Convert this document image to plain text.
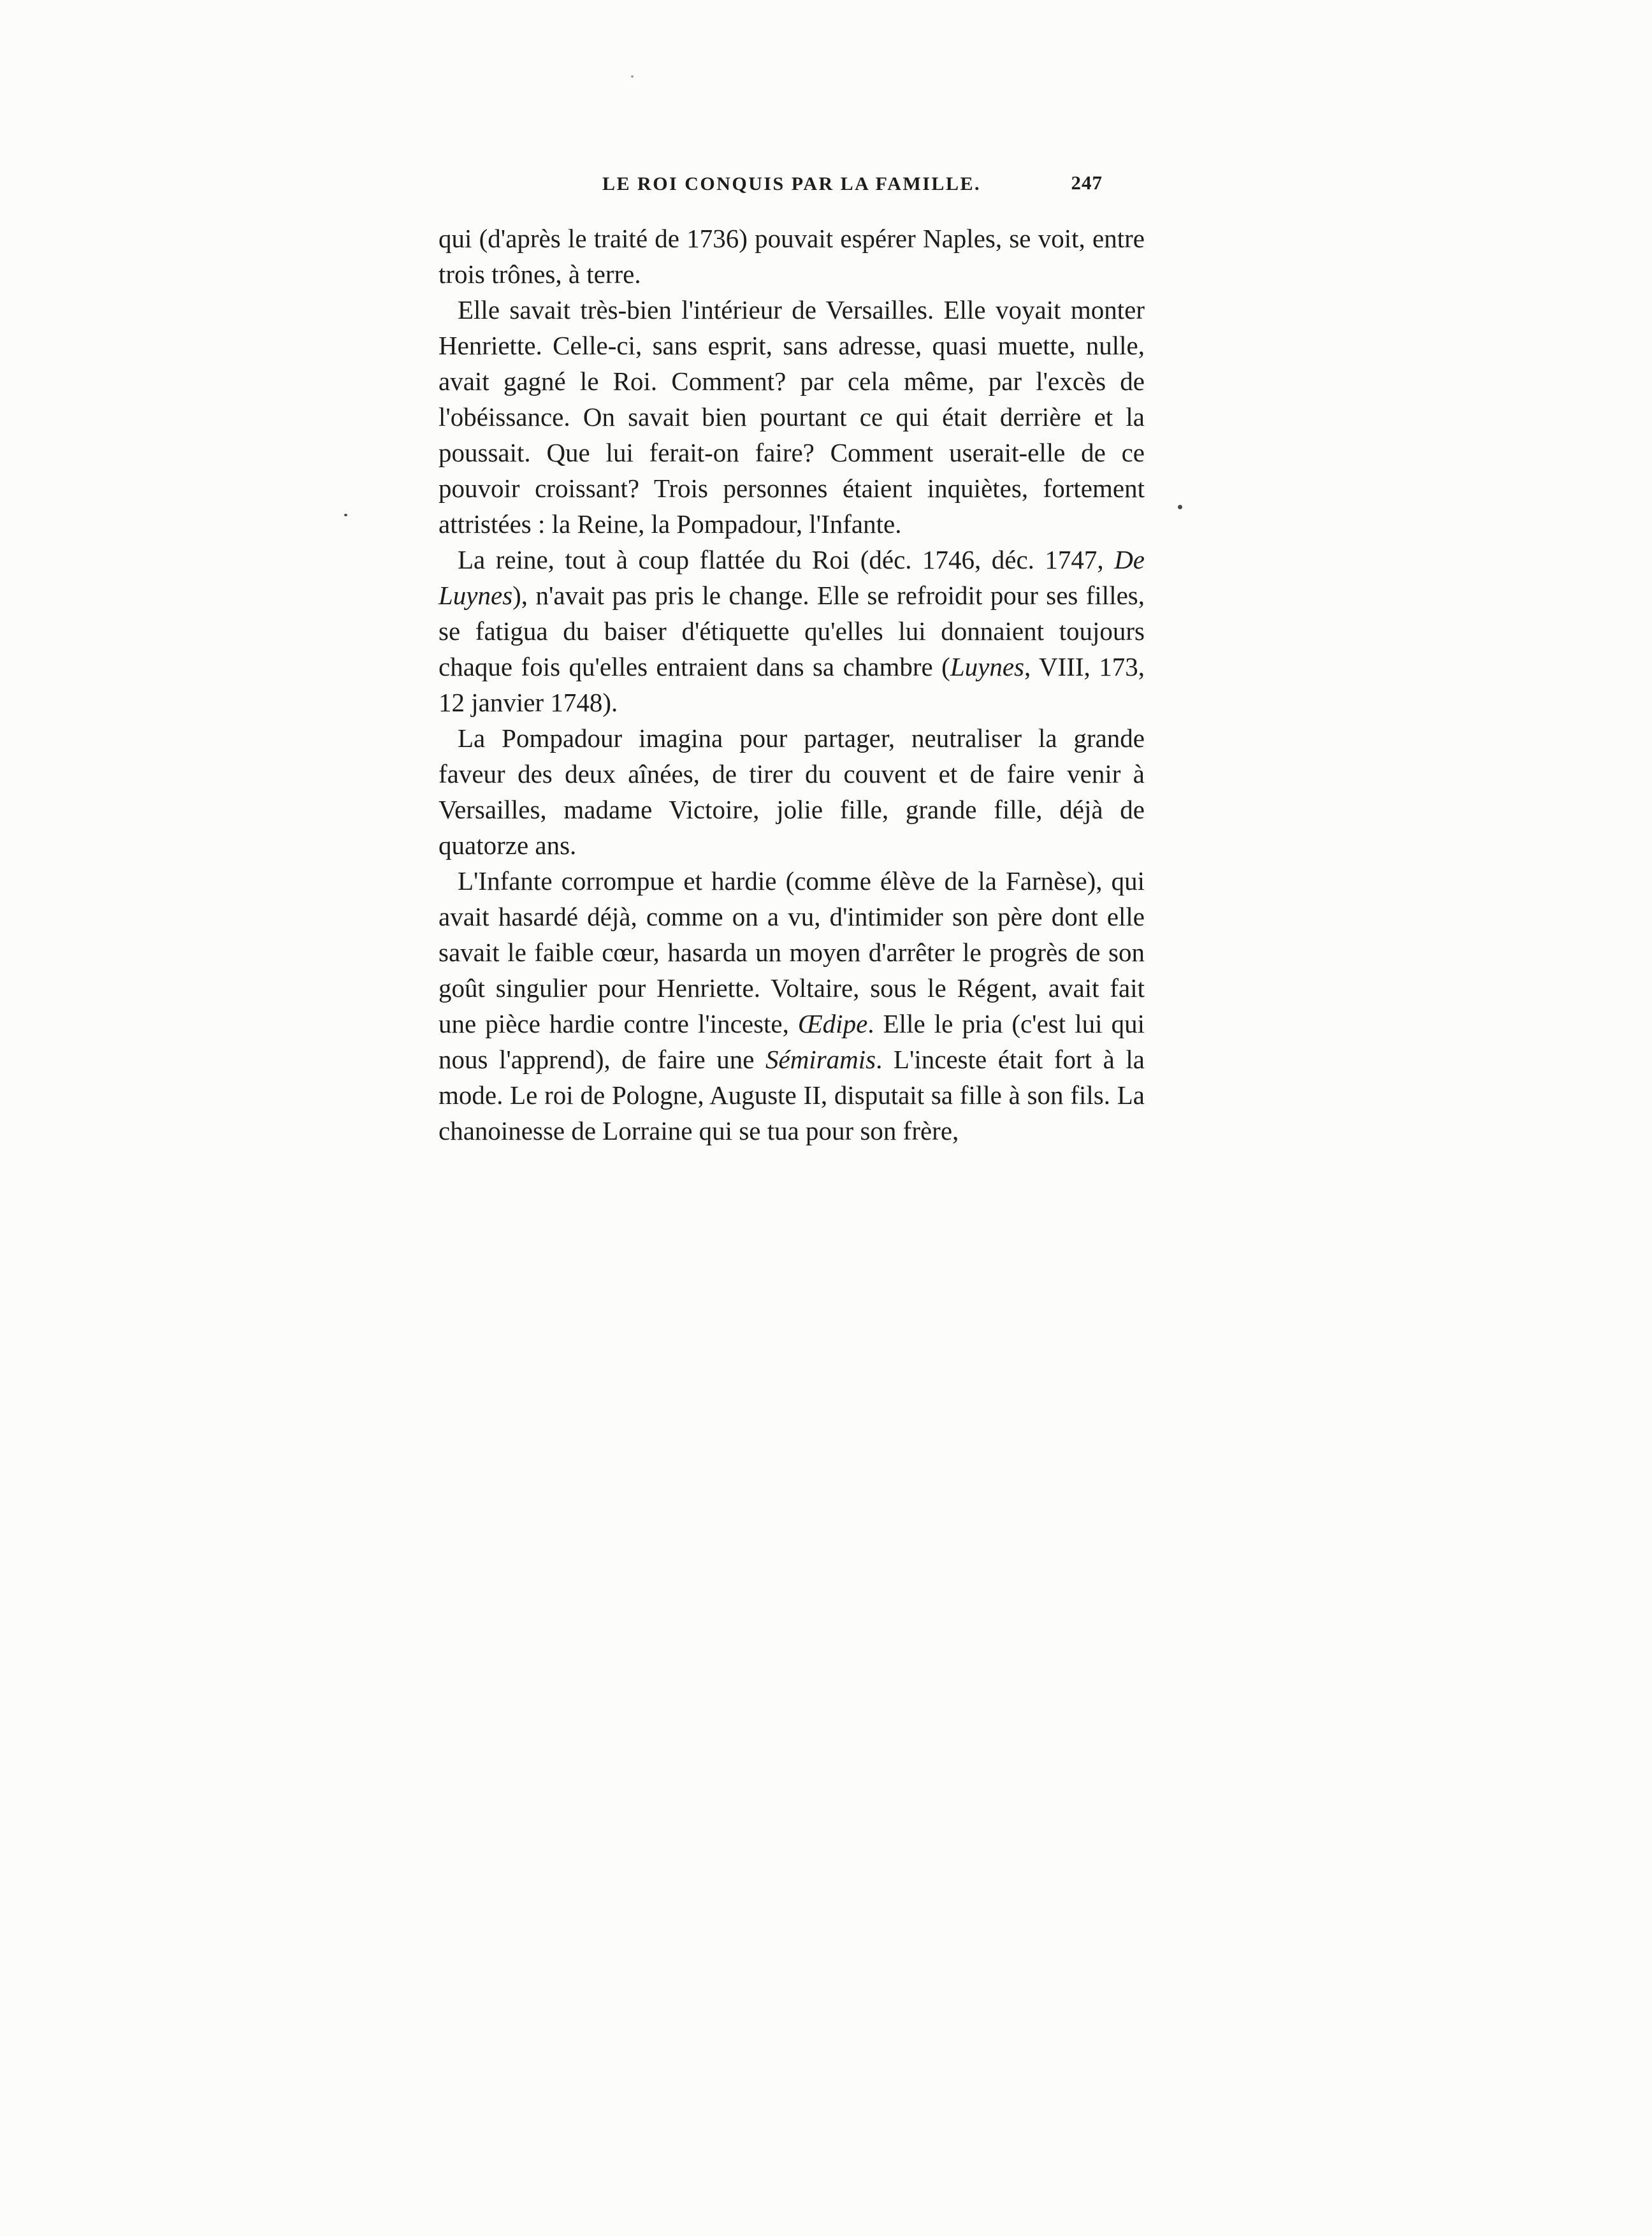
LE ROI CONQUIS PAR LA FAMILLE.	247

qui (d'après le traité de 1736) pouvait espérer Naples, se voit, entre trois trônes, à terre.

Elle savait très-bien l'intérieur de Versailles. Elle voyait monter Henriette. Celle-ci, sans esprit, sans adresse, quasi muette, nulle, avait gagné le Roi. Comment? par cela même, par l'excès de l'obéissance. On savait bien pourtant ce qui était derrière et la poussait. Que lui ferait-on faire? Comment userait-elle de ce pouvoir croissant? Trois personnes étaient inquiètes, fortement attristées : la Reine, la Pompadour, l'Infante.

La reine, tout à coup flattée du Roi (déc. 1746, déc. 1747, De Luynes), n'avait pas pris le change. Elle se refroidit pour ses filles, se fatigua du baiser d'étiquette qu'elles lui donnaient toujours chaque fois qu'elles entraient dans sa chambre (Luynes, VIII, 173, 12 janvier 1748).

La Pompadour imagina pour partager, neutraliser la grande faveur des deux aînées, de tirer du couvent et de faire venir à Versailles, madame Victoire, jolie fille, grande fille, déjà de quatorze ans.

L'Infante corrompue et hardie (comme élève de la Farnèse), qui avait hasardé déjà, comme on a vu, d'intimider son père dont elle savait le faible cœur, hasarda un moyen d'arrêter le progrès de son goût singulier pour Henriette. Voltaire, sous le Régent, avait fait une pièce hardie contre l'inceste, Œdipe. Elle le pria (c'est lui qui nous l'apprend), de faire une Sémiramis. L'inceste était fort à la mode. Le roi de Pologne, Auguste II, disputait sa fille à son fils. La chanoinesse de Lorraine qui se tua pour son frère,
